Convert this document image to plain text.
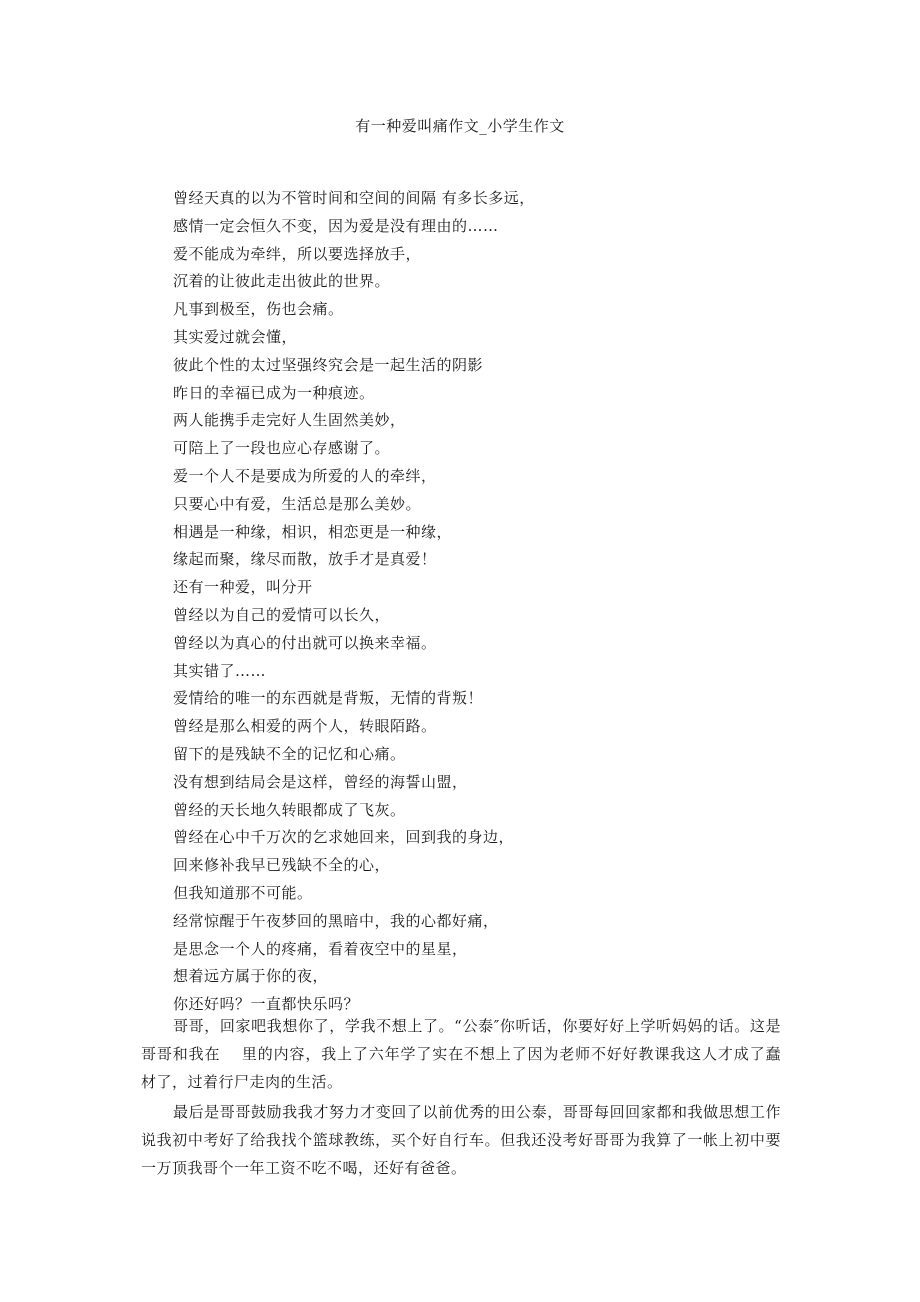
有一种爱叫痛作文_小学生作文
曾经天真的以为不管时间和空间的间隔 有多长多远，
感情一定会恒久不变，因为爱是没有理由的……
爱不能成为牵绊，所以要选择放手，
沉着的让彼此走出彼此的世界。
凡事到极至，伤也会痛。
其实爱过就会懂，
彼此个性的太过坚强终究会是一起生活的阴影
昨日的幸福已成为一种痕迹。
两人能携手走完好人生固然美妙，
可陪上了一段也应心存感谢了。
爱一个人不是要成为所爱的人的牵绊，
只要心中有爱，生活总是那么美妙。
相遇是一种缘，相识，相恋更是一种缘，
缘起而聚，缘尽而散，放手才是真爱！
还有一种爱，叫分开
曾经以为自己的爱情可以长久，
曾经以为真心的付出就可以换来幸福。
其实错了……
爱情给的唯一的东西就是背叛，无情的背叛！
曾经是那么相爱的两个人，转眼陌路。
留下的是残缺不全的记忆和心痛。
没有想到结局会是这样，曾经的海誓山盟，
曾经的天长地久转眼都成了飞灰。
曾经在心中千万次的乞求她回来，回到我的身边，
回来修补我早已残缺不全的心，
但我知道那不可能。
经常惊醒于午夜梦回的黑暗中，我的心都好痛，
是思念一个人的疼痛，看着夜空中的星星，
想着远方属于你的夜，
你还好吗？一直都快乐吗？

哥哥，回家吧我想你了，学我不想上了。“公泰″你听话，你要好好上学听妈妈的话。这是哥哥和我在　 里的内容，我上了六年学了实在不想上了因为老师不好好教课我这人才成了蠢材了，过着行尸走肉的生活。

最后是哥哥鼓励我我才努力才变回了以前优秀的田公泰，哥哥每回回家都和我做思想工作说我初中考好了给我找个篮球教练，买个好自行车。但我还没考好哥哥为我算了一帐上初中要一万顶我哥个一年工资不吃不喝，还好有爸爸。
